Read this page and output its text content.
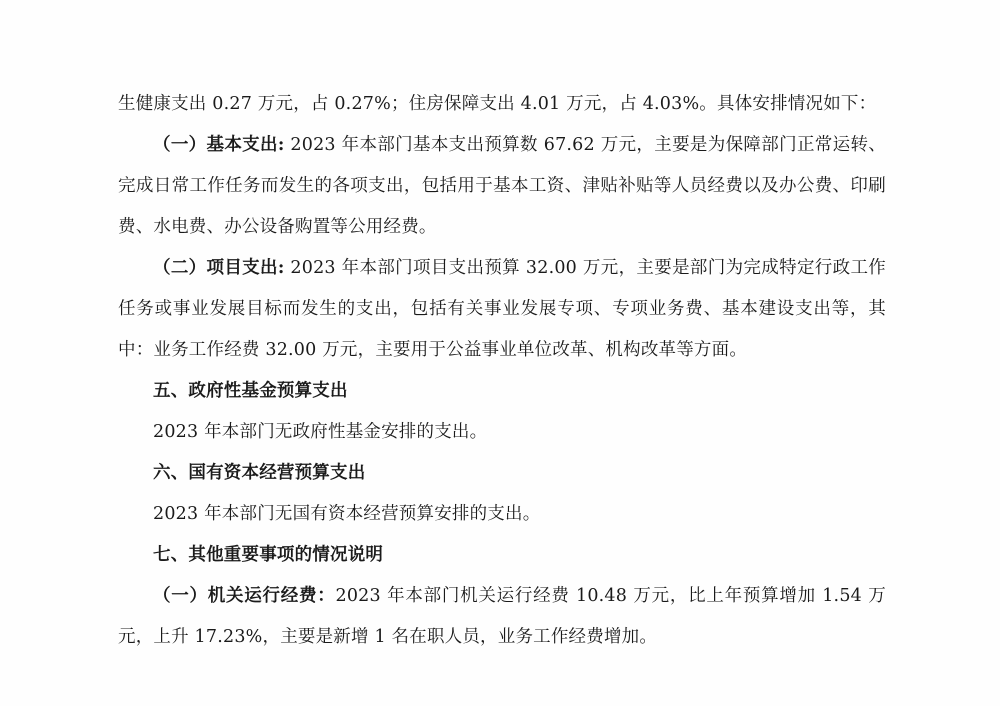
生健康支出 0.27 万元，占 0.27%；住房保障支出 4.01 万元，占 4.03%。具体安排情况如下：

（一）基本支出: 2023 年本部门基本支出预算数 67.62 万元，主要是为保障部门正常运转、完成日常工作任务而发生的各项支出，包括用于基本工资、津贴补贴等人员经费以及办公费、印刷费、水电费、办公设备购置等公用经费。

（二）项目支出: 2023 年本部门项目支出预算 32.00 万元，主要是部门为完成特定行政工作任务或事业发展目标而发生的支出，包括有关事业发展专项、专项业务费、基本建设支出等，其中：业务工作经费 32.00 万元，主要用于公益事业单位改革、机构改革等方面。

五、政府性基金预算支出

2023 年本部门无政府性基金安排的支出。

六、国有资本经营预算支出

2023 年本部门无国有资本经营预算安排的支出。

七、其他重要事项的情况说明

（一）机关运行经费：2023 年本部门机关运行经费 10.48 万元，比上年预算增加 1.54 万元，上升 17.23%，主要是新增 1 名在职人员，业务工作经费增加。
